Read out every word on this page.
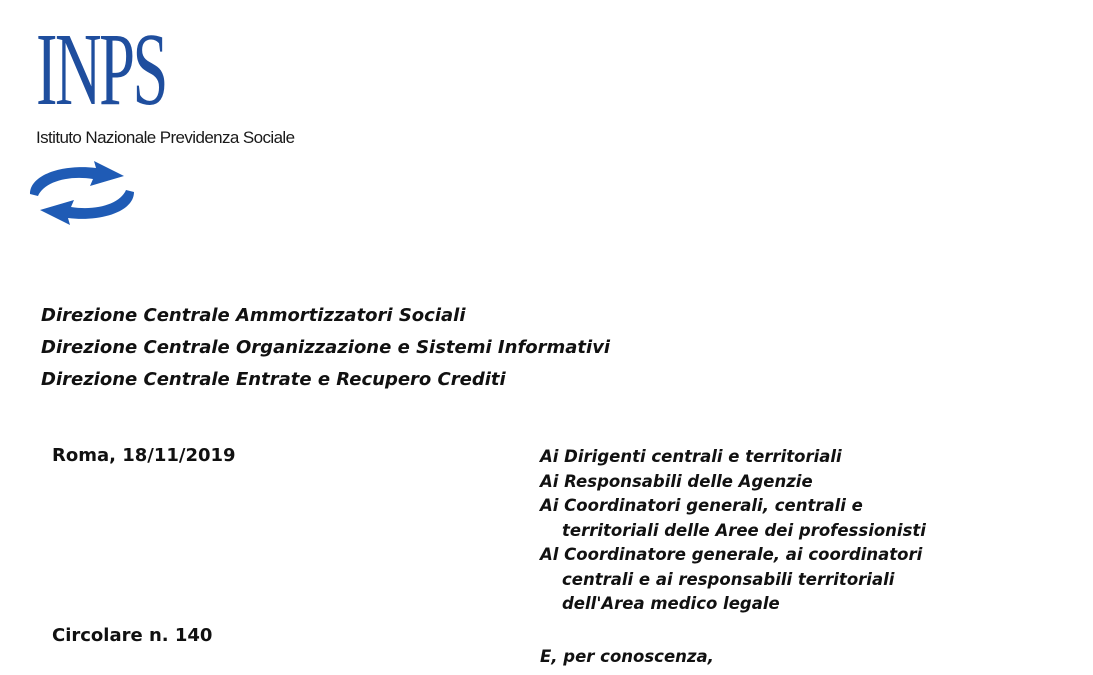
INPS
Istituto Nazionale Previdenza Sociale
Direzione Centrale Ammortizzatori Sociali
Direzione Centrale Organizzazione e Sistemi Informativi
Direzione Centrale Entrate e Recupero Crediti

Roma, 18/11/2019	Ai Dirigenti centrali e territoriali
Ai Responsabili delle Agenzie
Ai Coordinatori generali, centrali e
territoriali delle Aree dei professionisti
Al Coordinatore generale, ai coordinatori
centrali e ai responsabili territoriali
dell'Area medico legale

Circolare n. 140

E, per conoscenza,
